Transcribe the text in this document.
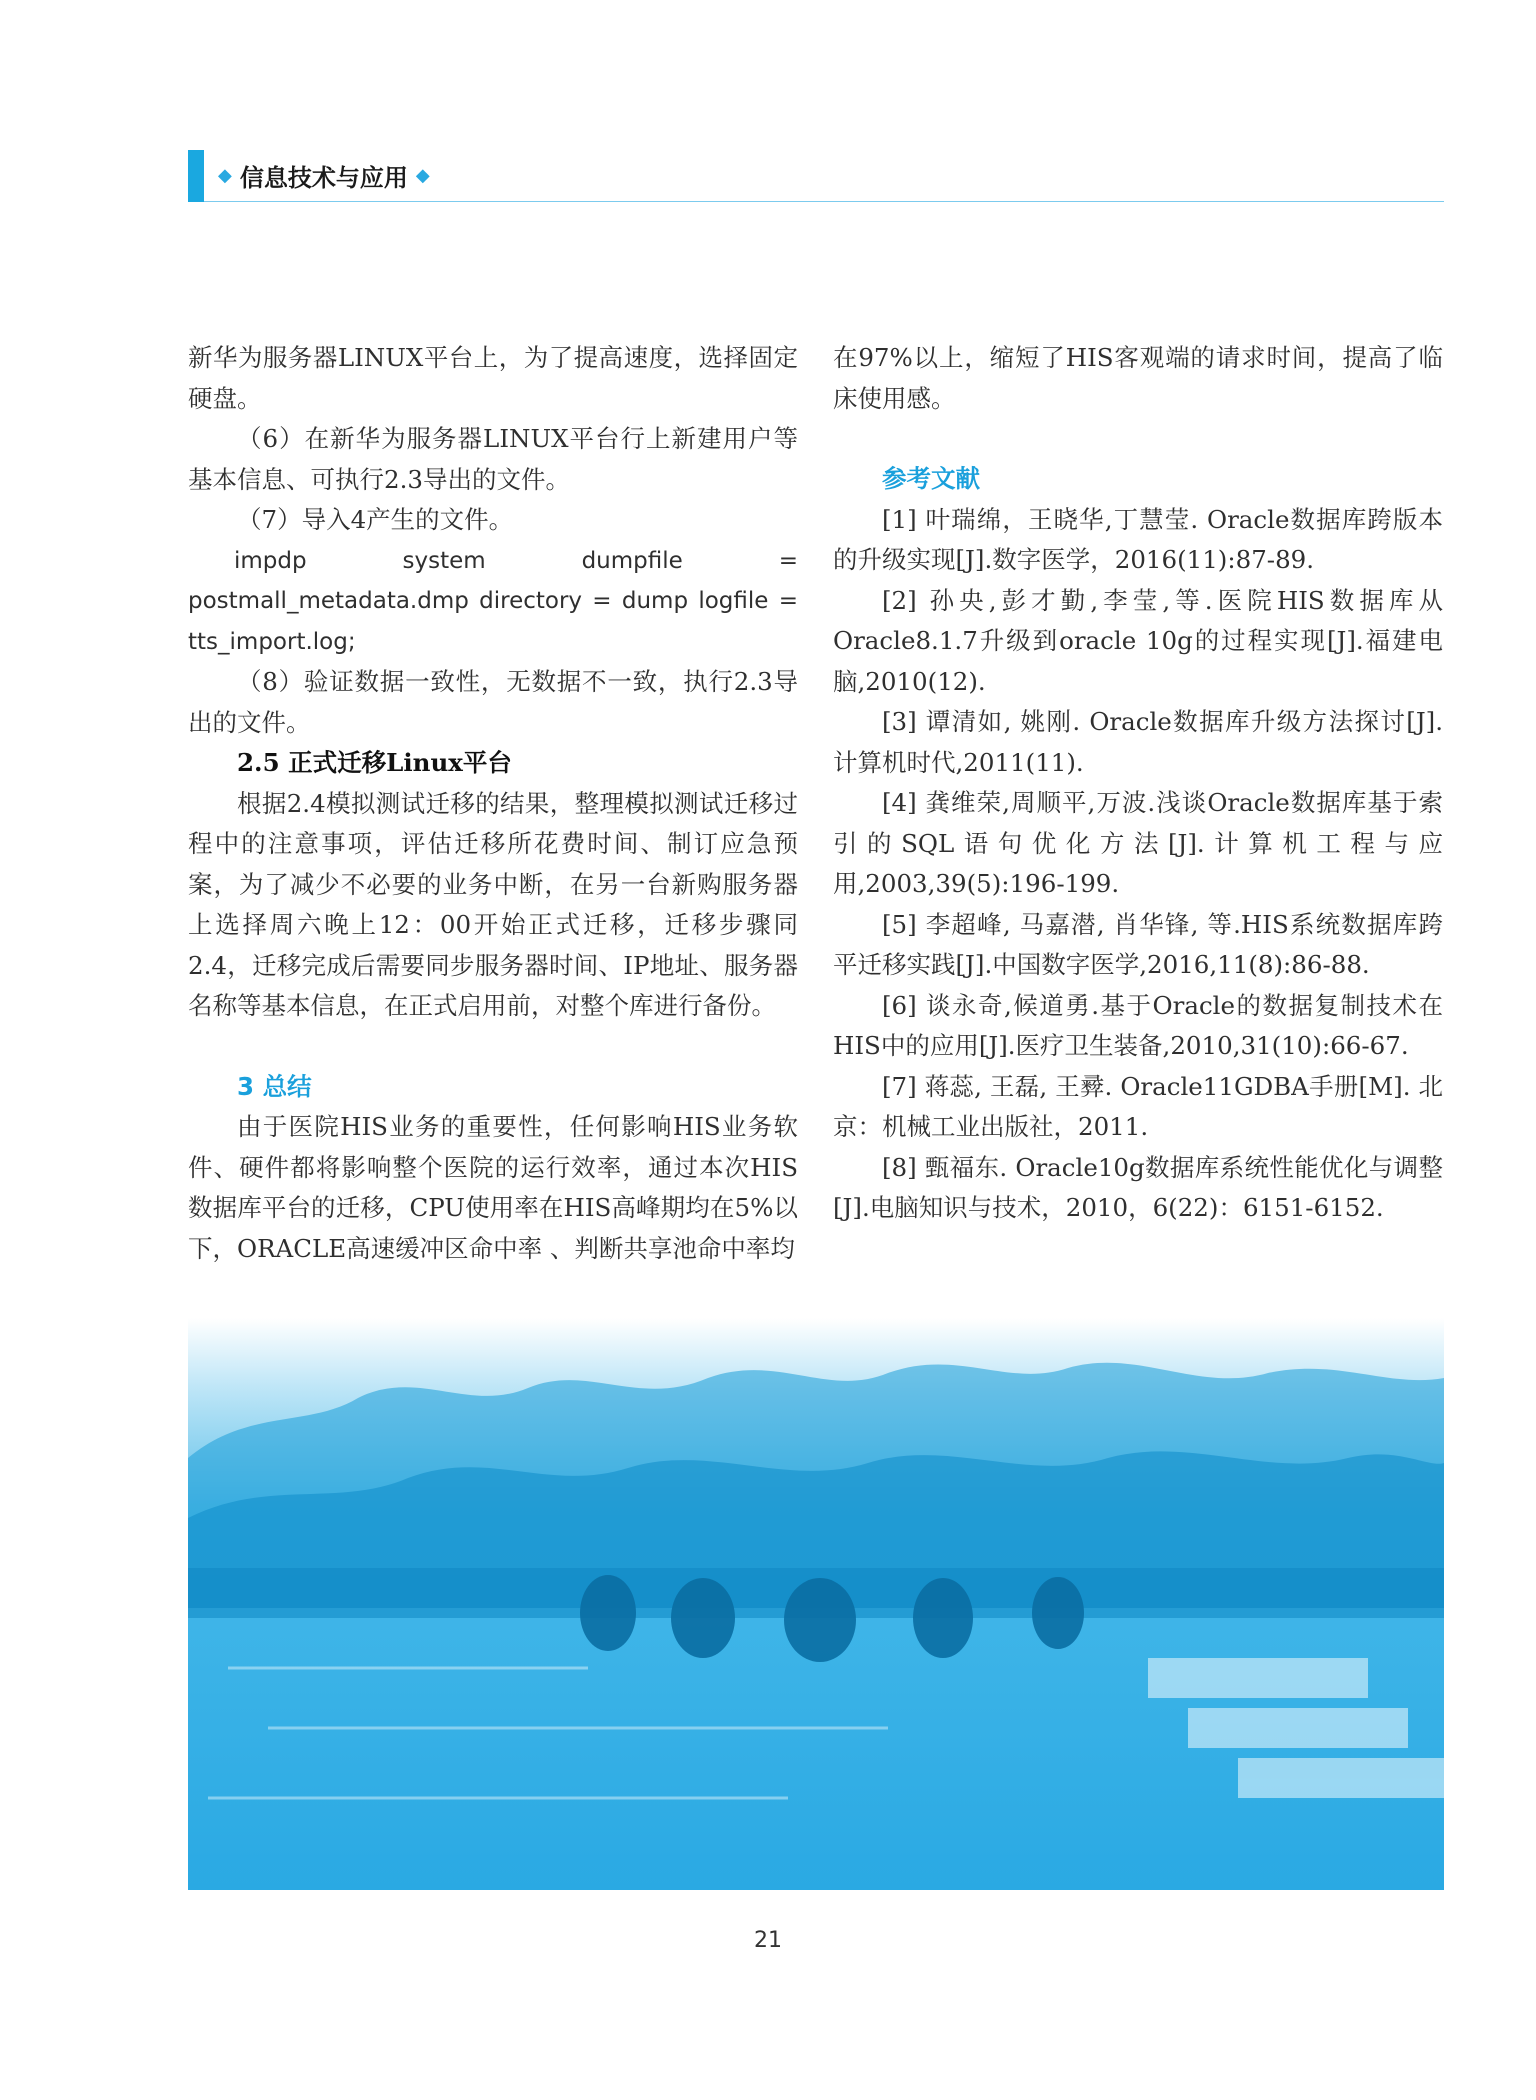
◆ 信息技术与应用 ◆

新华为服务器LINUX平台上，为了提高速度，选择固定硬盘。

（6）在新华为服务器LINUX平台行上新建用户等基本信息、可执行2.3导出的文件。

（7）导入4产生的文件。

impdp system dumpfile = postmall_metadata.dmp directory = dump logfile = tts_import.log;

（8）验证数据一致性，无数据不一致，执行2.3导出的文件。

2.5 正式迁移Linux平台

根据2.4模拟测试迁移的结果，整理模拟测试迁移过程中的注意事项，评估迁移所花费时间、制订应急预案，为了减少不必要的业务中断，在另一台新购服务器上选择周六晚上12：00开始正式迁移，迁移步骤同2.4，迁移完成后需要同步服务器时间、IP地址、服务器名称等基本信息，在正式启用前，对整个库进行备份。

3 总结

由于医院HIS业务的重要性，任何影响HIS业务软件、硬件都将影响整个医院的运行效率，通过本次HIS数据库平台的迁移，CPU使用率在HIS高峰期均在5%以下，ORACLE高速缓冲区命中率 、判断共享池命中率均

在97%以上，缩短了HIS客观端的请求时间，提高了临床使用感。

参考文献

[1] 叶瑞绵，王晓华,丁慧莹. Oracle数据库跨版本的升级实现[J].数字医学，2016(11):87-89.

[2] 孙央,彭才勤,李莹,等.医院HIS数据库从Oracle8.1.7升级到oracle 10g的过程实现[J].福建电脑,2010(12).

[3] 谭清如, 姚刚. Oracle数据库升级方法探讨[J]. 计算机时代,2011(11).

[4] 龚维荣,周顺平,万波.浅谈Oracle数据库基于索引的SQL语句优化方法[J].计算机工程与应用,2003,39(5):196-199.

[5] 李超峰, 马嘉潜, 肖华锋, 等.HIS系统数据库跨平迁移实践[J].中国数字医学,2016,11(8):86-88.

[6] 谈永奇,候道勇.基于Oracle的数据复制技术在HIS中的应用[J].医疗卫生装备,2010,31(10):66-67.

[7] 蒋蕊, 王磊, 王彛. Oracle11GDBA手册[M]. 北京：机械工业出版社，2011.

[8] 甄福东. Oracle10g数据库系统性能优化与调整[J].电脑知识与技术，2010，6(22)：6151-6152.

21
